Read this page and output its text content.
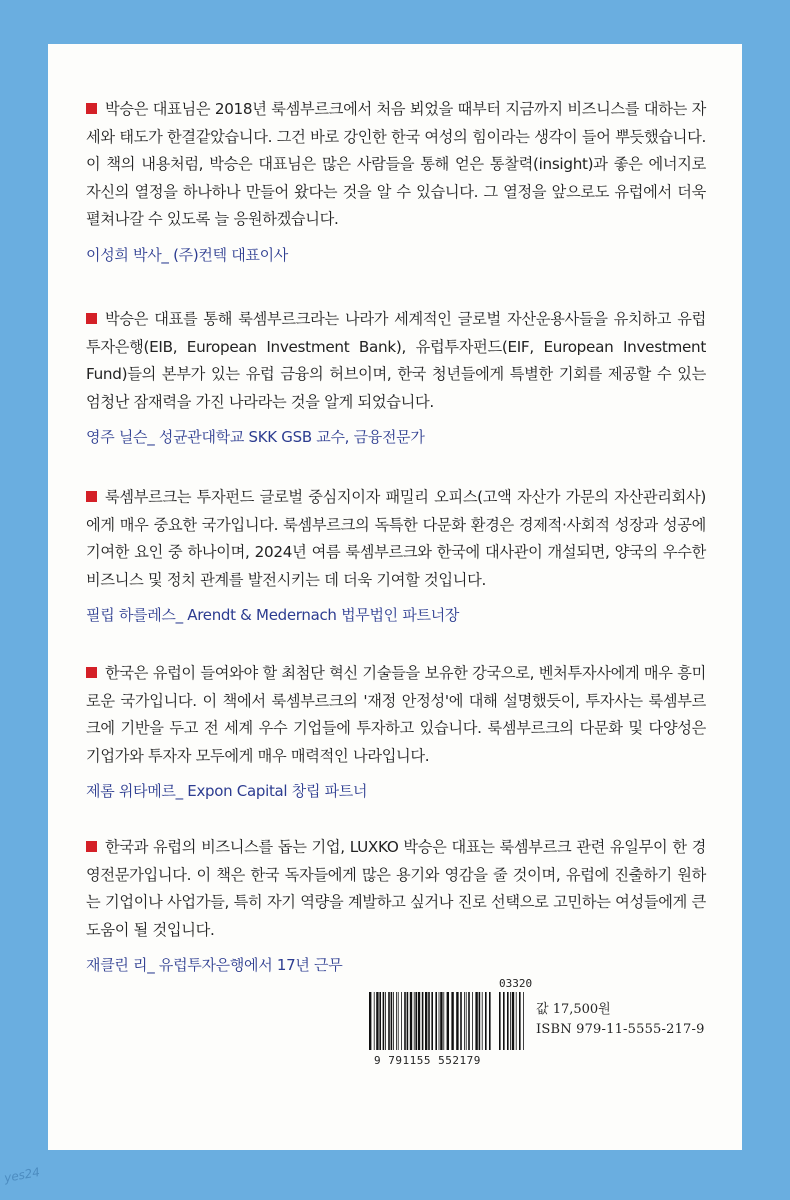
박승은 대표님은 2018년 룩셈부르크에서 처음 뵈었을 때부터 지금까지 비즈니스를 대하는 자세와 태도가 한결같았습니다. 그건 바로 강인한 한국 여성의 힘이라는 생각이 들어 뿌듯했습니다. 이 책의 내용처럼, 박승은 대표님은 많은 사람들을 통해 얻은 통찰력(insight)과 좋은 에너지로 자신의 열정을 하나하나 만들어 왔다는 것을 알 수 있습니다. 그 열정을 앞으로도 유럽에서 더욱 펼쳐나갈 수 있도록 늘 응원하겠습니다.

이성희 박사_ (주)컨텍 대표이사

박승은 대표를 통해 룩셈부르크라는 나라가 세계적인 글로벌 자산운용사들을 유치하고 유럽투자은행(EIB, European Investment Bank), 유럽투자펀드(EIF, European Investment Fund)들의 본부가 있는 유럽 금융의 허브이며, 한국 청년들에게 특별한 기회를 제공할 수 있는 엄청난 잠재력을 가진 나라라는 것을 알게 되었습니다.

영주 닐슨_ 성균관대학교 SKK GSB 교수, 금융전문가

룩셈부르크는 투자펀드 글로벌 중심지이자 패밀리 오피스(고액 자산가 가문의 자산관리회사)에게 매우 중요한 국가입니다. 룩셈부르크의 독특한 다문화 환경은 경제적·사회적 성장과 성공에 기여한 요인 중 하나이며, 2024년 여름 룩셈부르크와 한국에 대사관이 개설되면, 양국의 우수한 비즈니스 및 정치 관계를 발전시키는 데 더욱 기여할 것입니다.

필립 하를레스_ Arendt & Medernach 법무법인 파트너장

한국은 유럽이 들여와야 할 최첨단 혁신 기술들을 보유한 강국으로, 벤처투자사에게 매우 흥미로운 국가입니다. 이 책에서 룩셈부르크의 '재정 안정성'에 대해 설명했듯이, 투자사는 룩셈부르크에 기반을 두고 전 세계 우수 기업들에 투자하고 있습니다. 룩셈부르크의 다문화 및 다양성은 기업가와 투자자 모두에게 매우 매력적인 나라입니다.

제롬 위타메르_ Expon Capital 창립 파트너

한국과 유럽의 비즈니스를 돕는 기업, LUXKO 박승은 대표는 룩셈부르크 관련 유일무이 한 경영전문가입니다. 이 책은 한국 독자들에게 많은 용기와 영감을 줄 것이며, 유럽에 진출하기 원하는 기업이나 사업가들, 특히 자기 역량을 계발하고 싶거나 진로 선택으로 고민하는 여성들에게 큰 도움이 될 것입니다.

재클린 리_ 유럽투자은행에서 17년 근무
03320
9 791155 552179
값 17,500원
ISBN 979-11-5555-217-9
yes24
